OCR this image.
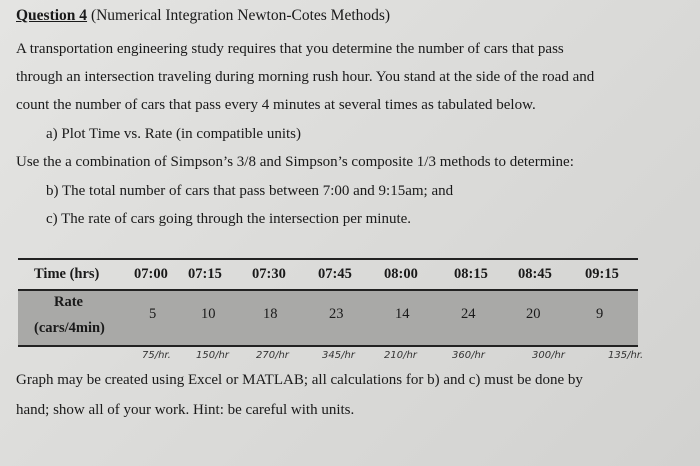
Question 4 (Numerical Integration Newton-Cotes Methods)
A transportation engineering study requires that you determine the number of cars that pass
through an intersection traveling during morning rush hour. You stand at the side of the road and
count the number of cars that pass every 4 minutes at several times as tabulated below.
a) Plot Time vs. Rate (in compatible units)
Use the a combination of Simpson’s 3/8 and Simpson’s composite 1/3 methods to determine:
b) The total number of cars that pass between 7:00 and 9:15am; and
c) The rate of cars going through the intersection per minute.
Time (hrs) 07:00 07:15 07:30 07:45 08:00 08:15 08:45 09:15
Rate
(cars/4min)
5	10	18	23	14	24	20	9
75/hr.	150/hr	270/hr	345/hr	210/hr	360/hr	300/hr	135/hr.
Graph may be created using Excel or MATLAB; all calculations for b) and c) must be done by
hand; show all of your work. Hint: be careful with units.
